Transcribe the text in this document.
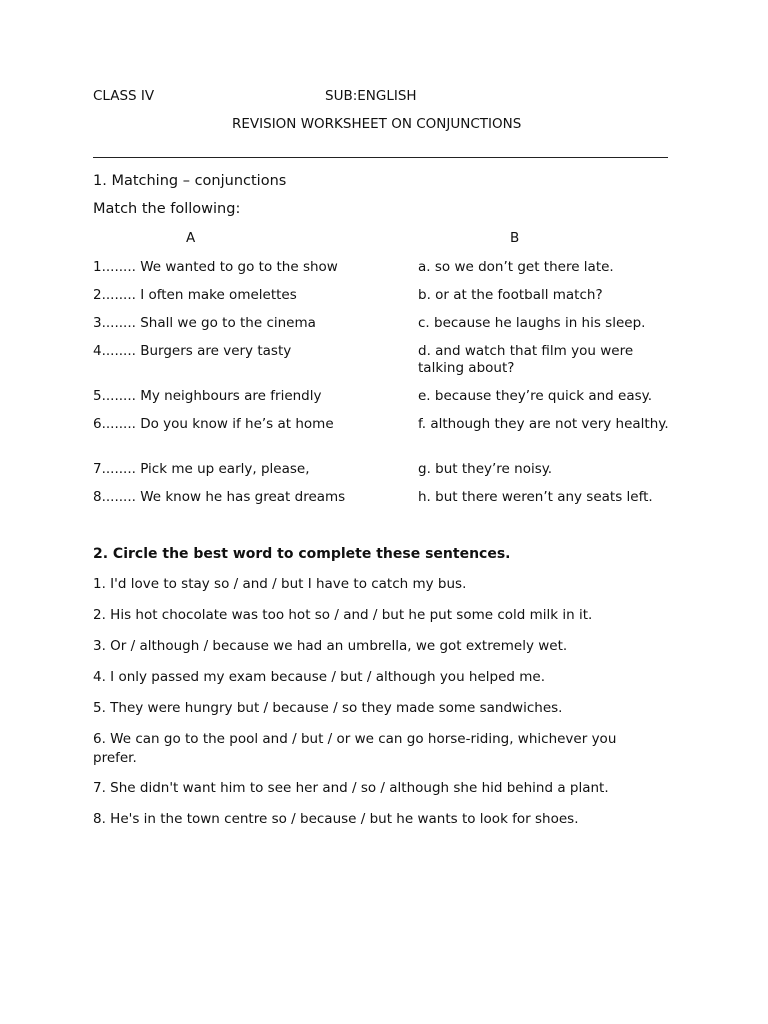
CLASS IV	SUB:ENGLISH
REVISION WORKSHEET ON CONJUNCTIONS
1. Matching – conjunctions
Match the following:
A	B
1........ We wanted to go to the show	a. so we don’t get there late.
2........ I often make omelettes	b. or at the football match?
3........ Shall we go to the cinema	c. because he laughs in his sleep.
4........ Burgers are very tasty	d. and watch that film you were talking about?
5........ My neighbours are friendly	e. because they’re quick and easy.
6........ Do you know if he’s at home	f. although they are not very healthy.
7........ Pick me up early, please,	g. but they’re noisy.
8........ We know he has great dreams	h. but there weren’t any seats left.
2. Circle the best word to complete these sentences.
1. I'd love to stay so / and / but I have to catch my bus.
2. His hot chocolate was too hot so / and / but he put some cold milk in it.
3. Or / although / because we had an umbrella, we got extremely wet.
4. I only passed my exam because / but / although you helped me.
5. They were hungry but / because / so they made some sandwiches.
6. We can go to the pool and / but / or we can go horse-riding, whichever you prefer.
7. She didn't want him to see her and / so / although she hid behind a plant.
8. He's in the town centre so / because / but he wants to look for shoes.
